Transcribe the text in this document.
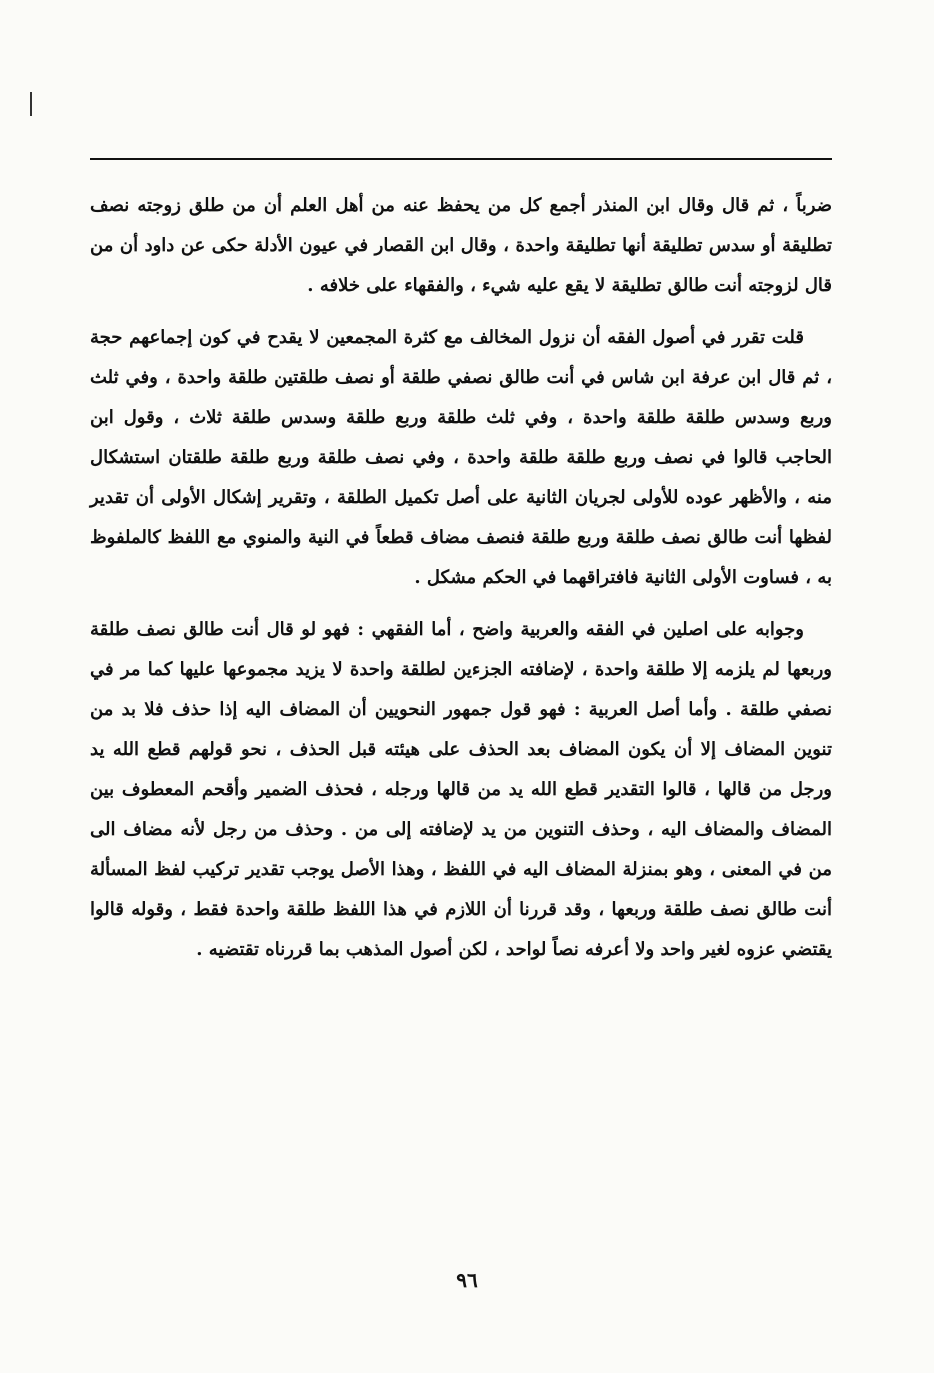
ضرباً ، ثم قال وقال ابن المنذر أجمع كل من يحفظ عنه من أهل العلم أن من طلق زوجته نصف تطليقة أو سدس تطليقة أنها تطليقة واحدة ، وقال ابن القصار في عيون الأدلة حكى عن داود أن من قال لزوجته أنت طالق تطليقة لا يقع عليه شيء ، والفقهاء على خلافه .

قلت تقرر في أصول الفقه أن نزول المخالف مع كثرة المجمعين لا يقدح في كون إجماعهم حجة ، ثم قال ابن عرفة ابن شاس في أنت طالق نصفي طلقة أو نصف طلقتين طلقة واحدة ، وفي ثلث وربع وسدس طلقة طلقة واحدة ، وفي ثلث طلقة وربع طلقة وسدس طلقة ثلاث ، وقول ابن الحاجب قالوا في نصف وربع طلقة طلقة واحدة ، وفي نصف طلقة وربع طلقة طلقتان استشكال منه ، والأظهر عوده للأولى لجريان الثانية على أصل تكميل الطلقة ، وتقرير إشكال الأولى أن تقدير لفظها أنت طالق نصف طلقة وربع طلقة فنصف مضاف قطعاً في النية والمنوي مع اللفظ كالملفوظ به ، فساوت الأولى الثانية فافتراقهما في الحكم مشكل .

وجوابه على اصلين في الفقه والعربية واضح ، أما الفقهي : فهو لو قال أنت طالق نصف طلقة وربعها لم يلزمه إلا طلقة واحدة ، لإضافته الجزءين لطلقة واحدة لا يزيد مجموعها عليها كما مر في نصفي طلقة . وأما أصل العربية : فهو قول جمهور النحويين أن المضاف اليه إذا حذف فلا بد من تنوين المضاف إلا أن يكون المضاف بعد الحذف على هيئته قبل الحذف ، نحو قولهم قطع الله يد ورجل من قالها ، قالوا التقدير قطع الله يد من قالها ورجله ، فحذف الضمير وأقحم المعطوف بين المضاف والمضاف اليه ، وحذف التنوين من يد لإضافته إلى من . وحذف من رجل لأنه مضاف الى من في المعنى ، وهو بمنزلة المضاف اليه في اللفظ ، وهذا الأصل يوجب تقدير تركيب لفظ المسألة أنت طالق نصف طلقة وربعها ، وقد قررنا أن اللازم في هذا اللفظ طلقة واحدة فقط ، وقوله قالوا يقتضي عزوه لغير واحد ولا أعرفه نصاً لواحد ، لكن أصول المذهب بما قررناه تقتضيه .

٩٦
